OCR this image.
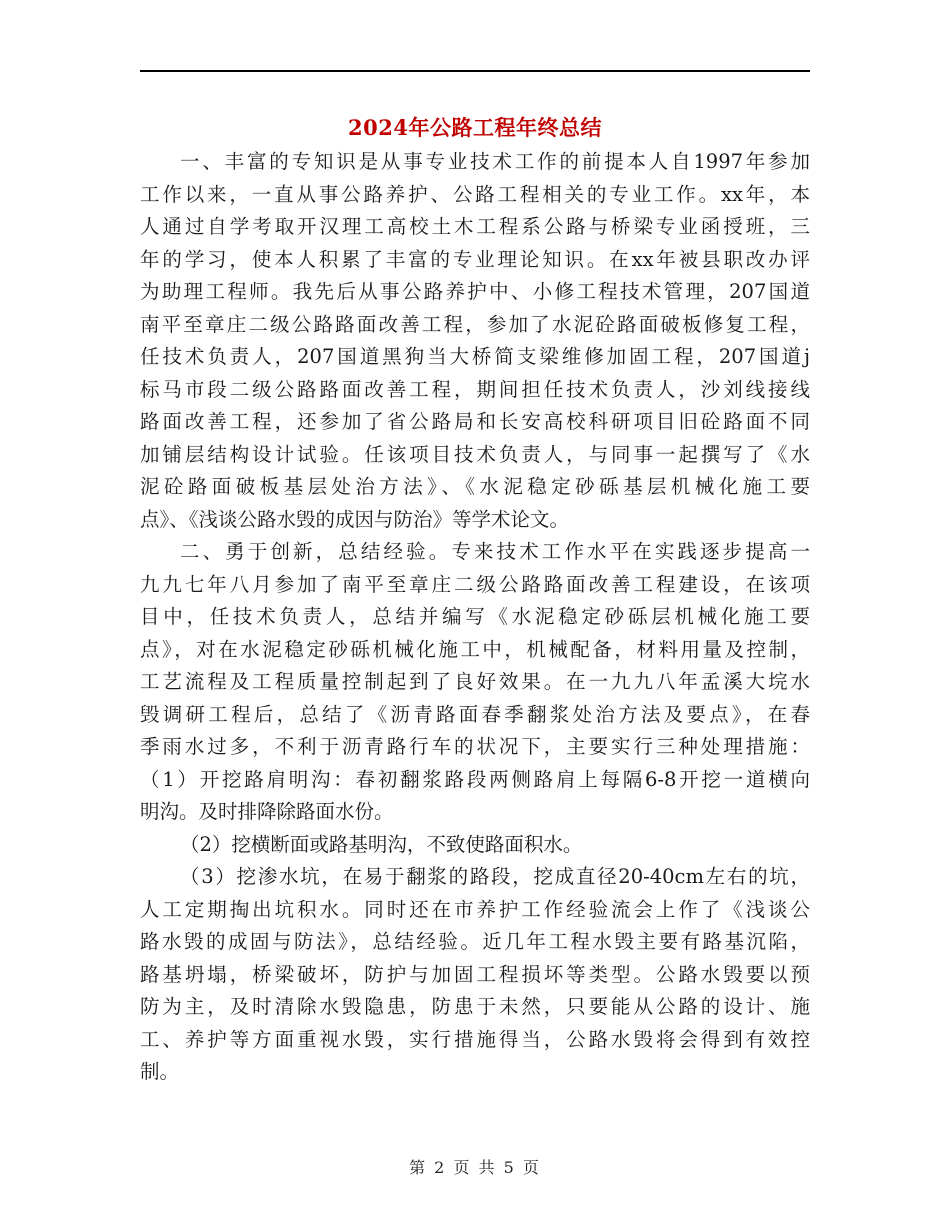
2024年公路工程年终总结
一、丰富的专知识是从事专业技术工作的前提本人自1997年参加
工作以来，一直从事公路养护、公路工程相关的专业工作。xx年，本
人通过自学考取开汉理工高校土木工程系公路与桥梁专业函授班，三
年的学习，使本人积累了丰富的专业理论知识。在xx年被县职改办评
为助理工程师。我先后从事公路养护中、小修工程技术管理，207国道
南平至章庄二级公路路面改善工程，参加了水泥砼路面破板修复工程，
任技术负责人，207国道黑狗当大桥简支梁维修加固工程，207国道j
标马市段二级公路路面改善工程，期间担任技术负责人，沙刘线接线
路面改善工程，还参加了省公路局和长安高校科研项目旧砼路面不同
加铺层结构设计试验。任该项目技术负责人，与同事一起撰写了《水
泥砼路面破板基层处治方法》、《水泥稳定砂砾基层机械化施工要
点》、《浅谈公路水毁的成因与防治》等学术论文。
二、勇于创新，总结经验。专来技术工作水平在实践逐步提高一
九九七年八月参加了南平至章庄二级公路路面改善工程建设，在该项
目中，任技术负责人，总结并编写《水泥稳定砂砾层机械化施工要
点》，对在水泥稳定砂砾机械化施工中，机械配备，材料用量及控制，
工艺流程及工程质量控制起到了良好效果。在一九九八年孟溪大垸水
毁调研工程后，总结了《沥青路面春季翻浆处治方法及要点》，在春
季雨水过多，不利于沥青路行车的状况下，主要实行三种处理措施：
（1）开挖路肩明沟：春初翻浆路段两侧路肩上每隔6-8开挖一道横向
明沟。及时排降除路面水份。
（2）挖横断面或路基明沟，不致使路面积水。
（3）挖渗水坑，在易于翻浆的路段，挖成直径20-40cm左右的坑，
人工定期掏出坑积水。同时还在市养护工作经验流会上作了《浅谈公
路水毁的成固与防法》，总结经验。近几年工程水毁主要有路基沉陷，
路基坍塌，桥梁破坏，防护与加固工程损坏等类型。公路水毁要以预
防为主，及时清除水毁隐患，防患于未然，只要能从公路的设计、施
工、养护等方面重视水毁，实行措施得当，公路水毁将会得到有效控
制。
第 2 页 共 5 页
